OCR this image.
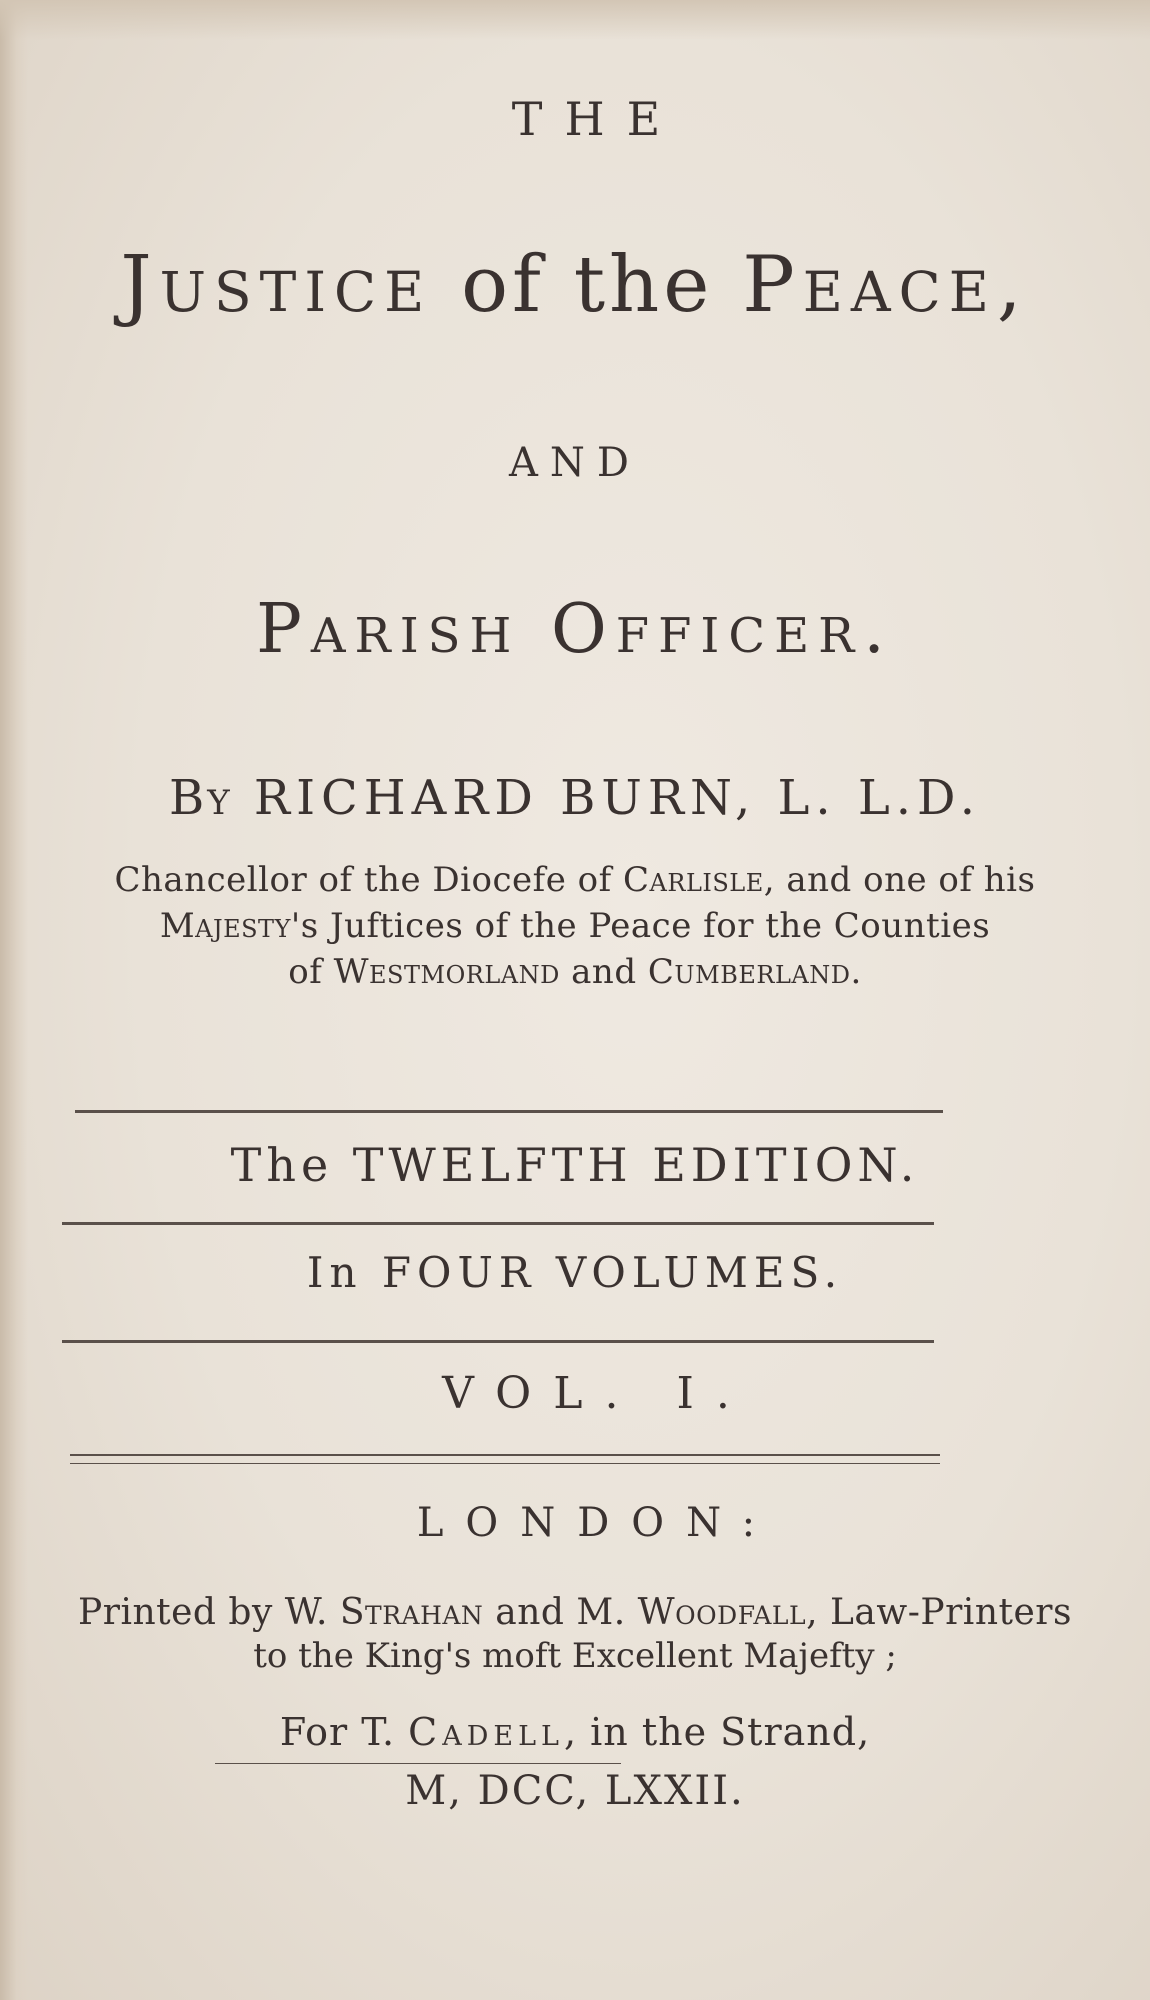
THE
Justice of the Peace,
AND
Parish Officer.
By RICHARD BURN, L. L.D.
Chancellor of the Diocefe of Carlisle, and one of his
Majesty's Juftices of the Peace for the Counties
of Westmorland and Cumberland.
The TWELFTH EDITION.
In FOUR VOLUMES.
VOL. I.
LONDON:
Printed by W. Strahan and M. Woodfall, Law-Printers
to the King's moft Excellent Majefty ;
For T. Cadell, in the Strand,
M, DCC, LXXII.
